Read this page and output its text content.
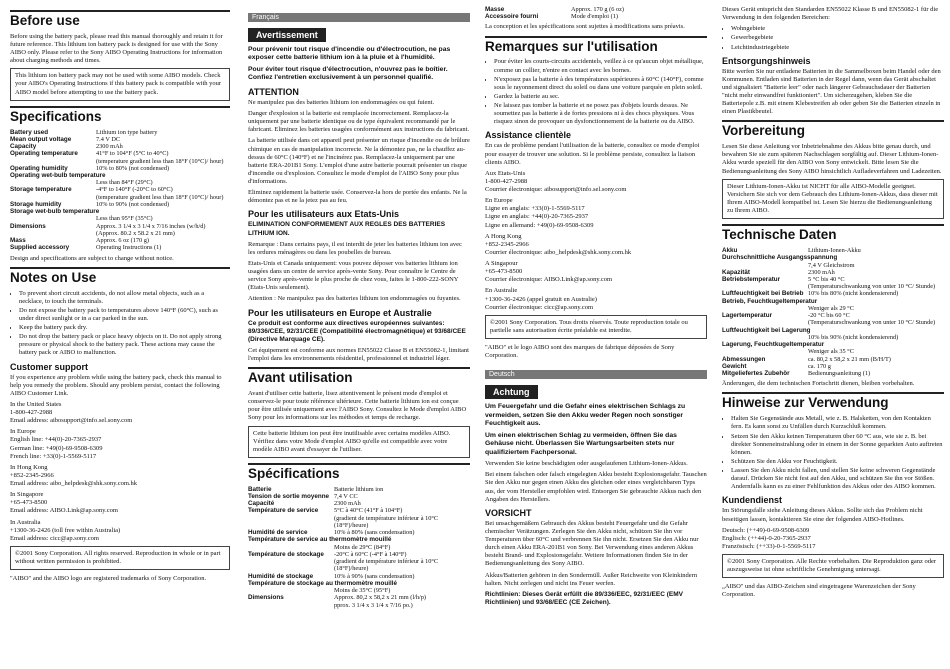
Before use

Before using the battery pack, please read this manual thoroughly and retain it for future reference. This lithium ion battery pack is designed for use with the Sony AIBO only. Please refer to the Sony AIBO Operating Instructions for information about charging methods and times.

This lithium ion battery pack may not be used with some AIBO models. Check your AIBO's Operating Instructions if this battery pack is compatible with your AIBO model before attempting to use the battery pack.

Specifications
Battery used	Lithium ion type battery
Mean output voltage	7.4 V DC
Capacity	2300 mAh
Operating temperature	41°F to 104°F (5°C to 40°C)
	(temperature gradient less than 18°F (10°C)/ hour)
Operating humidity	10% to 80% (not condensed)
Operating wet-bulb temperature	
	Less than 84°F (29°C)
Storage temperature	-4°F to 140°F (-20°C to 60°C)
	(temperature gradient less than 18°F (10°C)/ hour)
Storage humidity	10% to 90% (not condensed)
Storage wet-bulb temperature	
	Less than 95°F (35°C)
Dimensions	Approx. 3 1/4 x 3 1/4 x 7/16 inches (w/h/d)
	(Approx. 80.2 x 58.2 x 21 mm)
Mass	Approx. 6 oz (170 g)
Supplied accessory	Operating Instructions (1)

Design and specifications are subject to change without notice.

Notes on Use
• To prevent short circuit accidents, do not allow metal objects, such as a necklace, to touch the terminals.
• Do not expose the battery pack to temperatures above 140°F (60°C), such as under direct sunlight or in a car parked in the sun.
• Keep the battery pack dry.
• Do not drop the battery pack or place heavy objects on it. Do not apply strong pressure or physical shock to the battery pack. These actions may cause the battery pack or AIBO to malfunction.
Customer support

If you experience any problem while using the battery pack, check this manual to help you remedy the problem. Should any problem persist, contact the following AIBO Customer Link.

In the United States

1-800-427-2988

Email address: aibosupport@info.sel.sony.com

In Europe

English line: +44(0)-20-7365-2937

German line: +49(0)-69-9508-6309

French line: +33(0)-1-5569-5117

In Hong Kong

+852-2345-2966

Email address: aibo_helpdesk@shk.sony.com.hk

In Singapore

+65-473-8500

Email address: AIBO.Link@ap.sony.com

In Australia

+1300-36-2426 (toll free within Australia)

Email address: cicc@ap.sony.com

©2001 Sony Corporation. All rights reserved. Reproduction in whole or in part without written permission is prohibited.

"AIBO" and the AIBO logo are registered trademarks of Sony Corporation.

Français
Avertissement

Pour prévenir tout risque d'incendie ou d'électrocution, ne pas exposer cette batterie lithium ion à la pluie et à l'humidité.

Pour éviter tout risque d'électrocution, n'ouvrez pas le boîtier. Confiez l'entretien exclusivement à un personnel qualifié.

ATTENTION

Ne manipulez pas des batteries lithium ion endommagées ou qui fuient.

Danger d'explosion si la batterie est remplacée incorrectement. Remplacez-la uniquement par une batterie identique ou de type équivalent recommandé par le fabricant. Eliminez les batteries usagées conformément aux instructions du fabricant.

La batterie utilisée dans cet appareil peut présenter un risque d'incendie ou de brûlure chimique en cas de manipulation incorrecte. Ne la démontez pas, ne la chauffez au-dessus de 60°C (140°F) et ne l'incinérez pas. Remplacez-la uniquement par une batterie ERA-201B1 Sony. L'emploi d'une autre batterie pourrait présenter un risque d'incendie ou d'explosion. Consultez le mode d'emploi de l'AIBO Sony pour plus d'informations.

Eliminez rapidement la batterie usée. Conservez-la hors de portée des enfants. Ne la démontez pas et ne la jetez pas au feu.

Pour les utilisateurs aux Etats-Unis

ELIMINATION CONFORMEMENT AUX REGLES DES BATTERIES LITHIUM ION.

Remarque : Dans certains pays, il est interdit de jeter les batteries lithium ion avec les ordures ménagères ou dans les poubelles de bureau.

Etats-Unis et Canada uniquement: vous pouvez déposer vos batteries lithium ion usagées dans un centre de service après-vente Sony. Pour connaître le Centre de service Sony après-vente le plus proche de chez vous, faites le 1-800-222-SONY (Etats-Unis seulement).

Attention : Ne manipulez pas des batteries lithium ion endommagées ou fuyantes.

Pour les utilisateurs en Europe et Australie

Ce produit est conforme aux directives européennes suivantes: 89/336/CEE, 92/31/CEE (Compatibilité électromagnétique) et 93/68/CEE (Directive Marquage CE).

Cet équipement est conforme aux normes EN55022 Classe B et EN55082-1, limitant l'emploi dans les environnements résidentiel, professionnel et industriel léger.

Avant utilisation

Avant d'utiliser cette batterie, lisez attentivement le présent mode d'emploi et conservez-le pour toute référence ultérieure. Cette batterie lithium ion est conçue pour être utilisée uniquement avec l'AIBO Sony. Consultez le Mode d'emploi AIBO Sony pour les informations sur les méthodes et temps de recharge.

Cette batterie lithium ion peut être inutilisable avec certains modèles AIBO. Vérifiez dans votre Mode d'emploi AIBO qu'elle est compatible avec votre modèle AIBO avant d'essayer de l'utiliser.

Spécifications
Batterie	Batterie lithium ion
Tension de sortie moyenne	7,4 V CC
Capacité	2300 mAh
Température de service	5°C à 40°C (41°F à 104°F)
	(gradient de température inférieur à 10°C (18°F)/heure)
Humidité de service	10% à 80% (sans condensation)
Température de service au thermomètre mouillé	
	Moins de 29°C (84°F)
Température de stockage	-20°C à 60°C (-4°F à 140°F)
	(gradient de température inférieur à 10°C (18°F)/heure)
Humidité de stockage	10% à 90% (sans condensation)
Température de stockage au thermomètre mouillé	
	Moins de 35°C (95°F)
Dimensions	Approx. 80,2 x 58,2 x 21 mm (l/h/p)
	pprox. 3 1/4 x 3 1/4 x 7/16 po.)
Masse	Approx. 170 g (6 oz)
Accessoire fourni	Mode d'emploi (1)

La conception et les spécifications sont sujettes à modifications sans préavis.

Remarques sur l'utilisation
• Pour éviter les courts-circuits accidentels, veillez à ce qu'aucun objet métallique, comme un collier, n'entre en contact avec les bornes.
• N'exposez pas la batterie à des températures supérieures à 60°C (140°F), comme sous le rayonnement direct du soleil ou dans une voiture parquée en plein soleil.
• Gardez la batterie au sec.
• Ne laissez pas tomber la batterie et ne posez pas d'objets lourds dessus. Ne soumettez pas la batterie à de fortes pressions ni à des chocs physiques. Vous risquez sinon de provoquer un dysfonctionnement de la batterie ou du AIBO.
Assistance clientèle

En cas de problème pendant l'utilisation de la batterie, consultez ce mode d'emploi pour essayer de trouver une solution. Si le problème persiste, consultez la liaison clients AIBO.

Aux Etats-Unis

1-800-427-2988

Courrier électronique: aibosupport@info.sel.sony.com

En Europe

Ligne en anglais: +33(0)-1-5569-5117

Ligne en anglais: +44(0)-20-7365-2937

Ligne en allemand: +49(0)-69-9508-6309

A Hong Kong

+852-2345-2966

Courrier électronique: aibo_helpdesk@shk.sony.com.hk

A Singapour

+65-473-8500

Courrier électronique: AIBO.Link@ap.sony.com

En Australie

+1300-36-2426 (appel gratuit en Australie)

Courrier électronique: cicc@ap.sony.com

©2001 Sony Corporation. Tous droits réservés. Toute reproduction totale ou partielle sans autorisation écrite préalable est interdite.

"AIBO" et le logo AIBO sont des marques de fabrique déposées de Sony Corporation.

Deutsch
Achtung

Um Feuergefahr und die Gefahr eines elektrischen Schlags zu vermeiden, setzen Sie den Akku weder Regen noch sonstiger Feuchtigkeit aus.

Um einen elektrischen Schlag zu vermeiden, öffnen Sie das Gehäuse nicht. Überlassen Sie Wartungsarbeiten stets nur qualifiziertem Fachpersonal.

Verwenden Sie keine beschädigten oder ausgelaufenen Lithium-Ionen-Akkus.

Bei einem falschen oder falsch eingelegten Akku besteht Explosionsgefahr. Tauschen Sie den Akku nur gegen einen Akku des gleichen oder eines vergleichbaren Typs aus, der vom Hersteller empfohlen wird. Entsorgen Sie gebrauchte Akkus nach den Angaben des Herstellers.

VORSICHT

Bei unsachgemäßem Gebrauch des Akkus besteht Feuergefahr und die Gefahr chemischer Verätzungen. Zerlegen Sie den Akku nicht, schützen Sie ihn vor Temperaturen über 60°C und verbrennen Sie ihn nicht. Ersetzen Sie den Akku nur durch einen Akku ERA-201B1 von Sony. Bei Verwendung eines anderen Akkus besteht Brand- und Explosionsgefahr. Weitere Informationen finden Sie in der Bedienungsanleitung des Sony AIBO.

Akkus/Batterien gehören in den Sondermüll. Außer Reichweite von Kleinkindern halten. Nicht zerlegen und nicht ins Feuer werfen.

Richtlinien: Dieses Gerät erfüllt die 89/336/EEC, 92/31/EEC (EMV Richtlinien) und 93/68/EEC (CE Zeichen).

Dieses Gerät entspricht den Standarden EN55022 Klasse B und EN55082-1 für die Verwendung in den folgenden Bereichen:

• Wohngebiete
• Gewerbegebiete
• Leichtindustriegebiete
Entsorgungshinweis

Bitte werfen Sie nur entladene Batterien in die Sammelboxen beim Handel oder den Kommunen. Entladen sind Batterien in der Regel dann, wenn das Gerät abschaltet und signalisiert "Batterie leer" oder nach längerer Gebrauchsdauer der Batterien "nicht mehr einwandfrei funktioniert". Um sicherzugehen, kleben Sie die Batteriepole z.B. mit einem Klebestreifen ab oder geben Sie die Batterien einzeln in einen Plastikbeutel.

Vorbereitung

Lesen Sie diese Anleitung vor Inbetriebnahme des Akkus bitte genau durch, und bewahren Sie sie zum späteren Nachschlagen sorgfältig auf. Dieser Lithium-Ionen-Akku wurde speziell für den AIBO von Sony entwickelt. Bitte lesen Sie die Bedienungsanleitung des Sony AIBO hinsichtlich Aufladeverfahren und Ladezeiten.

Dieser Lithium-Ionen-Akku ist NICHT für alle AIBO-Modelle geeignet. Versichern Sie sich vor dem Gebrauch des Lithium-Ionen-Akkus, dass dieser mit Ihrem AIBO-Modell kompatibel ist. Lesen Sie hierzu die Bedienungsanleitung zu Ihrem AIBO.

Technische Daten
Akku	Lithium-Ionen-Akku
Durchschnittliche Ausgangsspannung	
	7,4 V Gleichstrom
Kapazität	2300 mAh
Betriebstemperatur	5 °C bis 40 °C
	(Temperaturschwankung von unter 10 °C/ Stunde)
Luftfeuchtigkeit bei Betrieb	10% bis 80% (nicht kondensierend)
Betrieb, Feuchtkugeltemperatur	
	Weniger als 29 °C
Lagertemperatur	-20 °C bis 60 °C
	(Temperaturschwankung von unter 10 °C/ Stunde)
Luftfeuchtigkeit bei Lagerung	
	10% bis 90% (nicht kondensierend)
Lagerung, Feuchtkugeltemperatur	
	Weniger als 35 °C
Abmessungen	ca. 80,2 x 58,2 x 21 mm (B/H/T)
Gewicht	ca. 170 g
Mitgeliefertes Zubehör	Bedienungsanleitung (1)

Änderungen, die dem technischen Fortschritt dienen, bleiben vorbehalten.

Hinweise zur Verwendung
• Halten Sie Gegenstände aus Metall, wie z. B. Halsketten, von den Kontakten fern. Es kann sonst zu Unfällen durch Kurzschluß kommen.
• Setzen Sie den Akku keinen Temperaturen über 60 °C aus, wie sie z. B. bei direkter Sonneneinstrahlung oder in einem in der Sonne geparkten Auto auftreten können.
• Schützen Sie den Akku vor Feuchtigkeit.
• Lassen Sie den Akku nicht fallen, und stellen Sie keine schweren Gegenstände darauf. Drücken Sie nicht fest auf den Akku, und schützen Sie ihn vor Stößen. Andernfalls kann es zu einer Fehlfunktion des Akkus oder des AIBO kommen.
Kundendienst

Im Störungsfalle siehe Anleitung dieses Akkus. Sollte sich das Problem nicht beseitigen lassen, kontaktieren Sie eine der folgenden AIBO-Hotlines.

Deutsch: (++49)-0-69-9508-6309

Englisch: (++44)-0-20-7365-2937

Französisch: (++33)-0-1-5569-5117

©2001 Sony Corporation. Alle Rechte vorbehalten. Die Reproduktion ganz oder auszugsweise ist ohne schriftliche Genehmigung untersagt.

„AIBO" und das AIBO-Zeichen sind eingetragene Warenzeichen der Sony Corporation.
